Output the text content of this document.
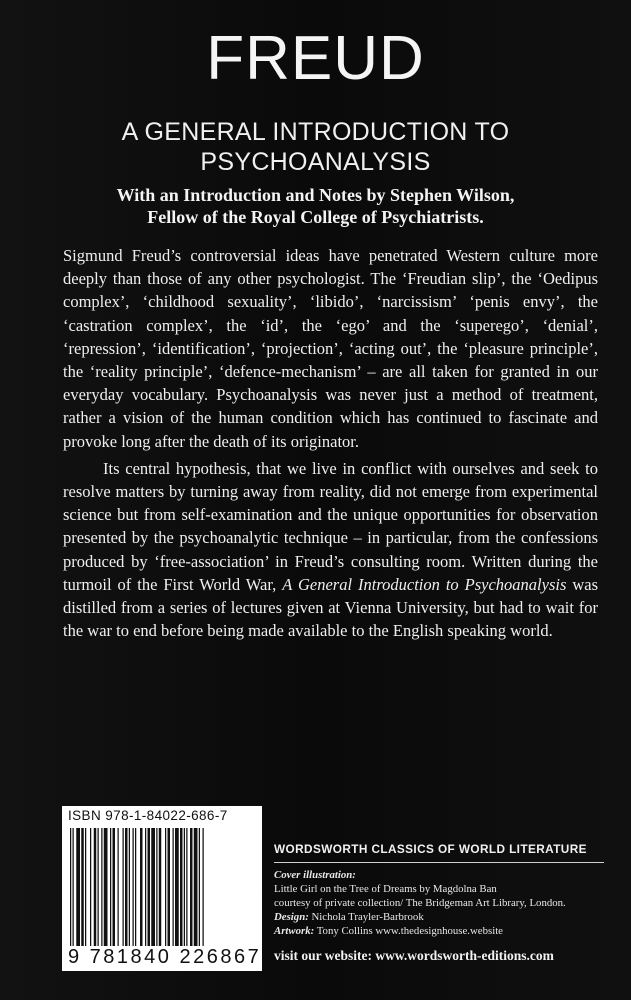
FREUD
A GENERAL INTRODUCTION TO
PSYCHOANALYSIS
With an Introduction and Notes by Stephen Wilson,
Fellow of the Royal College of Psychiatrists.

Sigmund Freud’s controversial ideas have penetrated Western culture more deeply than those of any other psychologist. The ‘Freudian slip’, the ‘Oedipus complex’, ‘childhood sexuality’, ‘libido’, ‘narcissism’ ‘penis envy’, the ‘castration complex’, the ‘id’, the ‘ego’ and the ‘superego’, ‘denial’, ‘repression’, ‘identification’, ‘projection’, ‘acting out’, the ‘pleasure principle’, the ‘reality principle’, ‘defence-mechanism’ – are all taken for granted in our everyday vocabulary. Psychoanalysis was never just a method of treatment, rather a vision of the human condition which has continued to fascinate and provoke long after the death of its originator.

Its central hypothesis, that we live in conflict with ourselves and seek to resolve matters by turning away from reality, did not emerge from experimental science but from self-examination and the unique opportunities for observation presented by the psychoanalytic technique – in particular, from the confessions produced by ‘free-association’ in Freud’s consulting room. Written during the turmoil of the First World War, A General Introduction to Psychoanalysis was distilled from a series of lectures given at Vienna University, but had to wait for the war to end before being made available to the English speaking world.

ISBN 978-1-84022-686-7
9 781840 226867
WORDSWORTH CLASSICS OF WORLD LITERATURE
Cover illustration:
Little Girl on the Tree of Dreams by Magdolna Ban
courtesy of private collection/ The Bridgeman Art Library, London.
Design: Nichola Trayler-Barbrook
Artwork: Tony Collins www.thedesignhouse.website
visit our website: www.wordsworth-editions.com
